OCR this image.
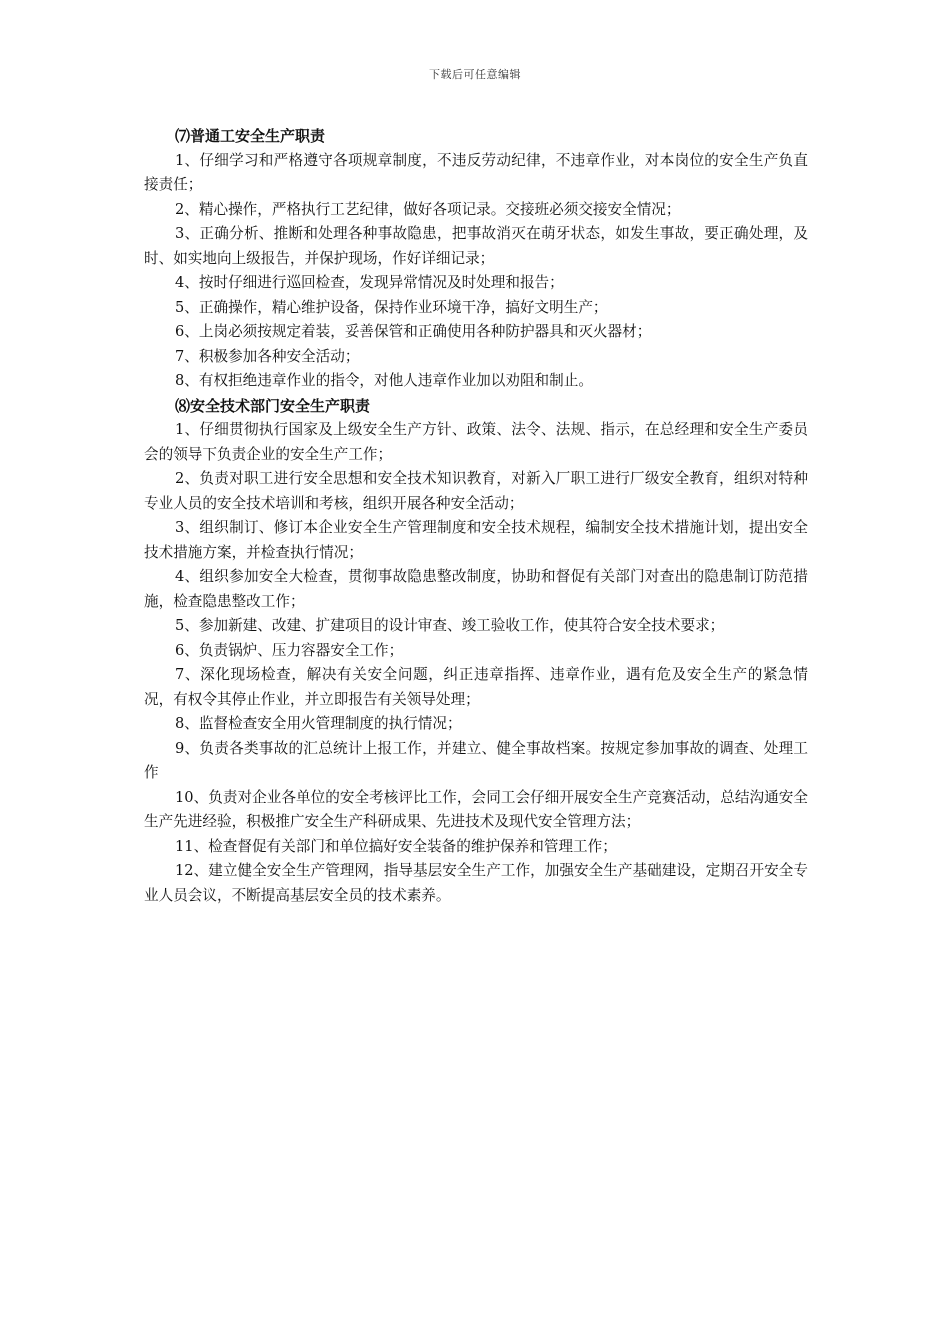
下载后可任意编辑

⑺普通工安全生产职责

1、仔细学习和严格遵守各项规章制度，不违反劳动纪律，不违章作业，对本岗位的安全生产负直接责任；

2、精心操作，严格执行工艺纪律，做好各项记录。交接班必须交接安全情况；

3、正确分析、推断和处理各种事故隐患，把事故消灭在萌牙状态，如发生事故，要正确处理，及时、如实地向上级报告，并保护现场，作好详细记录；

4、按时仔细进行巡回检查，发现异常情况及时处理和报告；

5、正确操作，精心维护设备，保持作业环境干净，搞好文明生产；

6、上岗必须按规定着装，妥善保管和正确使用各种防护器具和灭火器材；

7、积极参加各种安全活动；

8、有权拒绝违章作业的指令，对他人违章作业加以劝阻和制止。

⑻安全技术部门安全生产职责

1、仔细贯彻执行国家及上级安全生产方针、政策、法令、法规、指示，在总经理和安全生产委员会的领导下负责企业的安全生产工作；

2、负责对职工进行安全思想和安全技术知识教育，对新入厂职工进行厂级安全教育，组织对特种专业人员的安全技术培训和考核，组织开展各种安全活动；

3、组织制订、修订本企业安全生产管理制度和安全技术规程，编制安全技术措施计划，提出安全技术措施方案，并检查执行情况；

4、组织参加安全大检查，贯彻事故隐患整改制度，协助和督促有关部门对查出的隐患制订防范措施，检查隐患整改工作；

5、参加新建、改建、扩建项目的设计审查、竣工验收工作，使其符合安全技术要求；

6、负责锅炉、压力容器安全工作；

7、深化现场检查，解决有关安全问题，纠正违章指挥、违章作业，遇有危及安全生产的紧急情况，有权令其停止作业，并立即报告有关领导处理；

8、监督检查安全用火管理制度的执行情况；

9、负责各类事故的汇总统计上报工作，并建立、健全事故档案。按规定参加事故的调查、处理工作

10、负责对企业各单位的安全考核评比工作，会同工会仔细开展安全生产竞赛活动，总结沟通安全生产先进经验，积极推广安全生产科研成果、先进技术及现代安全管理方法；

11、检查督促有关部门和单位搞好安全装备的维护保养和管理工作；

12、建立健全安全生产管理网，指导基层安全生产工作，加强安全生产基础建设，定期召开安全专业人员会议，不断提高基层安全员的技术素养。
